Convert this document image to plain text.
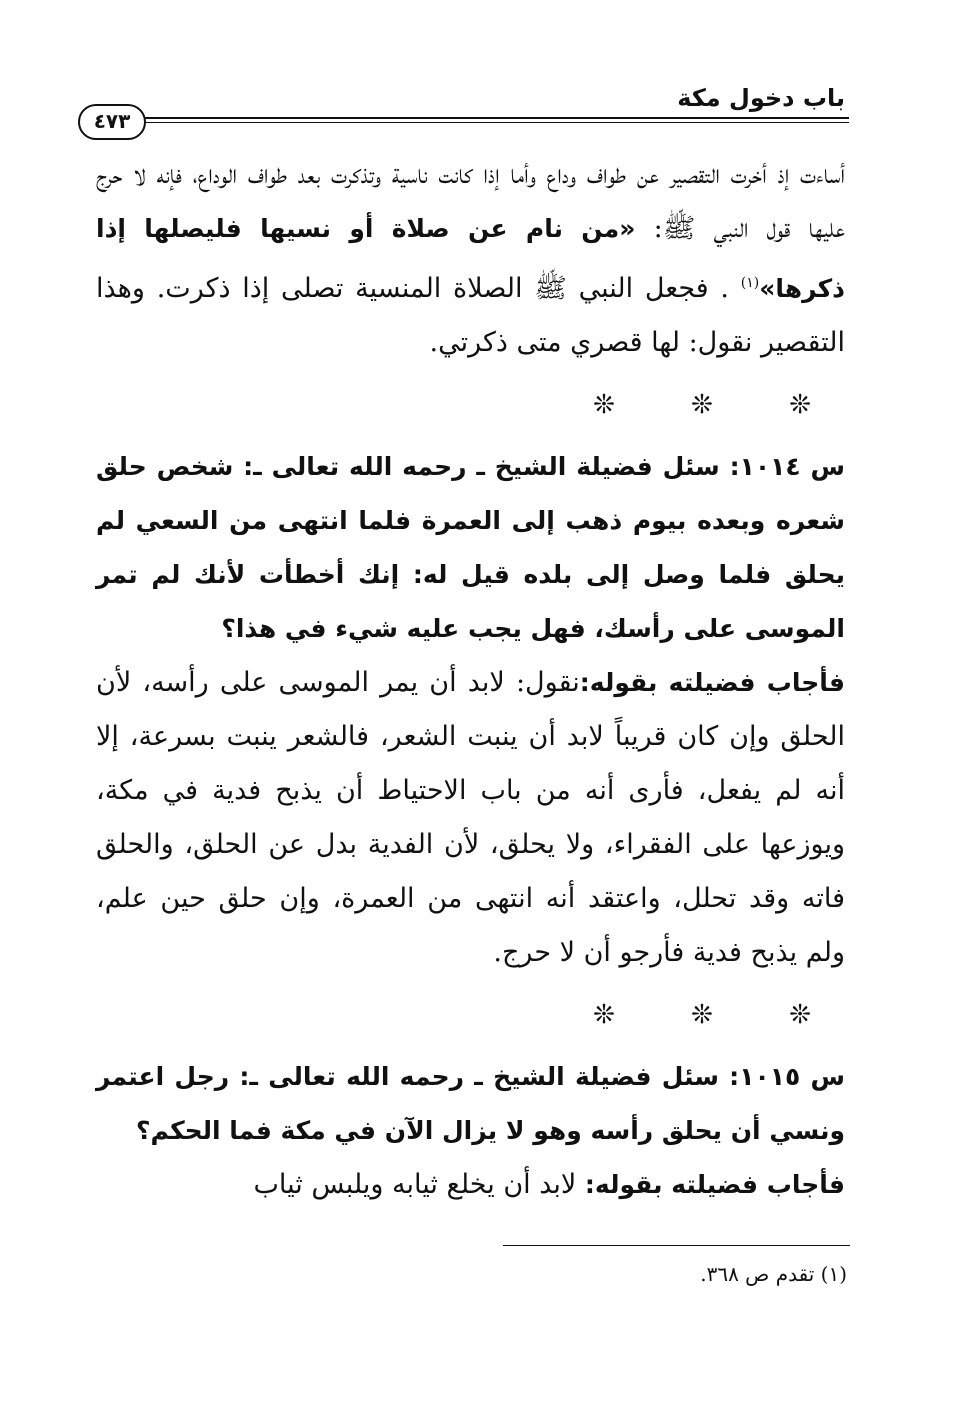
باب دخول مكة
٤٧٣

أساءت إذ أخرت التقصير عن طواف وداع وأما إذا كانت ناسية وتذكرت بعد طواف الوداع، فإنه لا حرج عليها قول النبي ﷺ: «من نام عن صلاة أو نسيها فليصلها إذا ذكرها»$^{(١)}$ . فجعل النبي ﷺ الصلاة المنسية تصلى إذا ذكرت. وهذا التقصير نقول: لها قصري متى ذكرتي.

❊ ❊ ❊

س ١٠١٤: سئل فضيلة الشيخ ـ رحمه الله تعالى ـ: شخص حلق شعره وبعده بيوم ذهب إلى العمرة فلما انتهى من السعي لم يحلق فلما وصل إلى بلده قيل له: إنك أخطأت لأنك لم تمر الموسى على رأسك، فهل يجب عليه شيء في هذا؟

فأجاب فضيلته بقوله:نقول: لابد أن يمر الموسى على رأسه، لأن الحلق وإن كان قريباً لابد أن ينبت الشعر، فالشعر ينبت بسرعة، إلا أنه لم يفعل، فأرى أنه من باب الاحتياط أن يذبح فدية في مكة، ويوزعها على الفقراء، ولا يحلق، لأن الفدية بدل عن الحلق، والحلق فاته وقد تحلل، واعتقد أنه انتهى من العمرة، وإن حلق حين علم، ولم يذبح فدية فأرجو أن لا حرج.

❊ ❊ ❊

س ١٠١٥: سئل فضيلة الشيخ ـ رحمه الله تعالى ـ: رجل اعتمر ونسي أن يحلق رأسه وهو لا يزال الآن في مكة فما الحكم؟

فأجاب فضيلته بقوله: لابد أن يخلع ثيابه ويلبس ثياب

(١) تقدم ص ٣٦٨.
